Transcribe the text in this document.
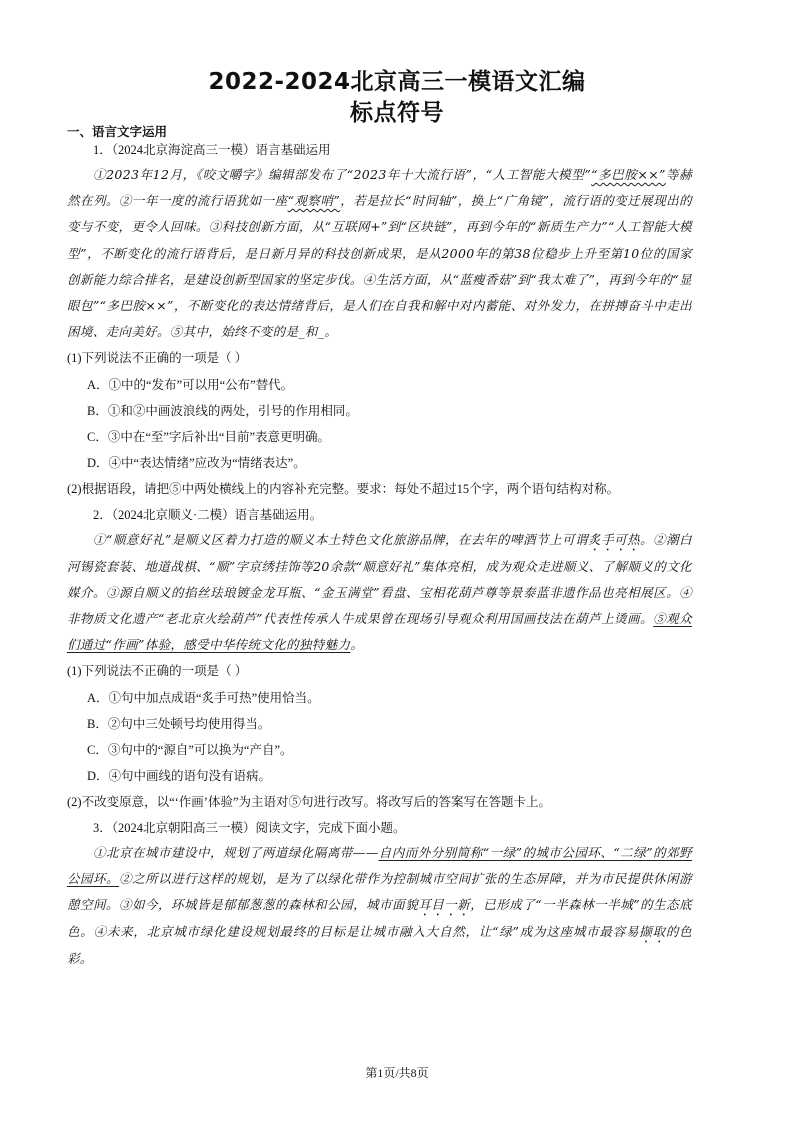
2022-2024北京高三一模语文汇编
标点符号
一、语言文字运用

1．（2024北京海淀高三一模）语言基础运用

①2023年12月，《咬文嚼字》编辑部发布了“2023年十大流行语”，“人工智能大模型”“多巴胺××”等赫然在列。②一年一度的流行语犹如一座“观察哨”，若是拉长“时间轴”，换上“广角镜”，流行语的变迁展现出的变与不变，更令人回味。③科技创新方面，从“互联网+”到“区块链”，再到今年的“新质生产力”“人工智能大模型”，不断变化的流行语背后，是日新月异的科技创新成果，是从2000年的第38位稳步上升至第10位的国家创新能力综合排名，是建设创新型国家的坚定步伐。④生活方面，从“蓝瘦香菇”到“我太难了”，再到今年的“显眼包”“多巴胺××”，不断变化的表达情绪背后，是人们在自我和解中对内蓄能、对外发力，在拼搏奋斗中走出困境、走向美好。⑤其中，始终不变的是_和_。

(1)下列说法不正确的一项是（ ）

A．①中的“发布”可以用“公布”替代。

B．①和②中画波浪线的两处，引号的作用相同。

C．③中在“至”字后补出“目前”表意更明确。

D．④中“表达情绪”应改为“情绪表达”。

(2)根据语段，请把⑤中两处横线上的内容补充完整。要求：每处不超过15个字，两个语句结构对称。

2．（2024北京顺义·二模）语言基础运用。

①“顺意好礼”是顺义区着力打造的顺义本土特色文化旅游品牌，在去年的啤酒节上可谓炙手可热。②潮白河锡瓷套装、地道战棋、“顺”字京绣挂饰等20余款“顺意好礼”集体亮相，成为观众走进顺义、了解顺义的文化媒介。③源自顺义的掐丝珐琅镀金龙耳瓶、“金玉满堂”看盘、宝相花葫芦尊等景泰蓝非遗作品也亮相展区。④非物质文化遗产“老北京火绘葫芦”代表性传承人牛成果曾在现场引导观众利用国画技法在葫芦上烫画。⑤观众们通过“作画”体验，感受中华传统文化的独特魅力。

(1)下列说法不正确的一项是（ ）

A．①句中加点成语“炙手可热”使用恰当。

B．②句中三处顿号均使用得当。

C．③句中的“源自”可以换为“产自”。

D．④句中画线的语句没有语病。

(2)不改变原意，以“‘作画’体验”为主语对⑤句进行改写。将改写后的答案写在答题卡上。

3．（2024北京朝阳高三一模）阅读文字，完成下面小题。

①北京在城市建设中，规划了两道绿化隔离带——自内而外分别简称“一绿”的城市公园环、“二绿”的郊野公园环。②之所以进行这样的规划，是为了以绿化带作为控制城市空间扩张的生态屏障，并为市民提供休闲游憩空间。③如今，环城皆是郁郁葱葱的森林和公园，城市面貌耳目一新，已形成了“一半森林一半城”的生态底色。④未来，北京城市绿化建设规划最终的目标是让城市融入大自然，让“绿”成为这座城市最容易撷取的色彩。

第1页/共8页
